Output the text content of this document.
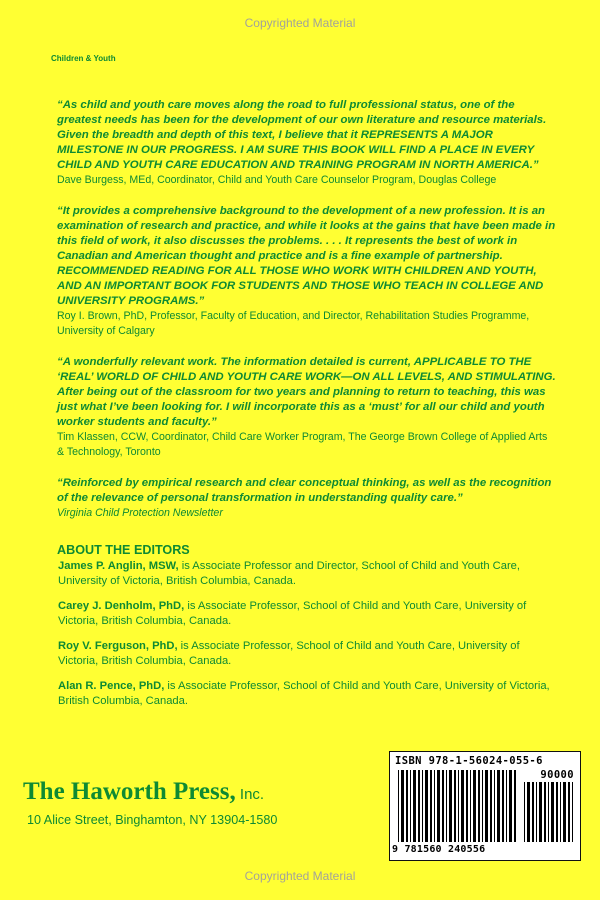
Copyrighted Material
Children & Youth
“As child and youth care moves along the road to full professional status, one of the greatest needs has been for the development of our own literature and resource materials. Given the breadth and depth of this text, I believe that it REPRESENTS A MAJOR MILESTONE IN OUR PROGRESS. I AM SURE THIS BOOK WILL FIND A PLACE IN EVERY CHILD AND YOUTH CARE EDUCATION AND TRAINING PROGRAM IN NORTH AMERICA.”
Dave Burgess, MEd, Coordinator, Child and Youth Care Counselor Program, Douglas College
“It provides a comprehensive background to the development of a new profession. It is an examination of research and practice, and while it looks at the gains that have been made in this field of work, it also discusses the problems. . . . It represents the best of work in Canadian and American thought and practice and is a fine example of partnership. RECOMMENDED READING FOR ALL THOSE WHO WORK WITH CHILDREN AND YOUTH, AND AN IMPORTANT BOOK FOR STUDENTS AND THOSE WHO TEACH IN COLLEGE AND UNIVERSITY PROGRAMS.”
Roy I. Brown, PhD, Professor, Faculty of Education, and Director, Rehabilitation Studies Programme, University of Calgary
“A wonderfully relevant work. The information detailed is current, APPLICABLE TO THE ‘REAL’ WORLD OF CHILD AND YOUTH CARE WORK—ON ALL LEVELS, AND STIMULATING. After being out of the classroom for two years and planning to return to teaching, this was just what I’ve been looking for. I will incorporate this as a ‘must’ for all our child and youth worker students and faculty.”
Tim Klassen, CCW, Coordinator, Child Care Worker Program, The George Brown College of Applied Arts & Technology, Toronto
“Reinforced by empirical research and clear conceptual thinking, as well as the recognition of the relevance of personal transformation in understanding quality care.”
Virginia Child Protection Newsletter
ABOUT THE EDITORS
James P. Anglin, MSW, is Associate Professor and Director, School of Child and Youth Care, University of Victoria, British Columbia, Canada.
Carey J. Denholm, PhD, is Associate Professor, School of Child and Youth Care, University of Victoria, British Columbia, Canada.
Roy V. Ferguson, PhD, is Associate Professor, School of Child and Youth Care, University of Victoria, British Columbia, Canada.
Alan R. Pence, PhD, is Associate Professor, School of Child and Youth Care, University of Victoria, British Columbia, Canada.
The Haworth Press, Inc.
10 Alice Street, Binghamton, NY 13904-1580
ISBN 978-1-56024-055-6
90000
9 781560 240556
Copyrighted Material
